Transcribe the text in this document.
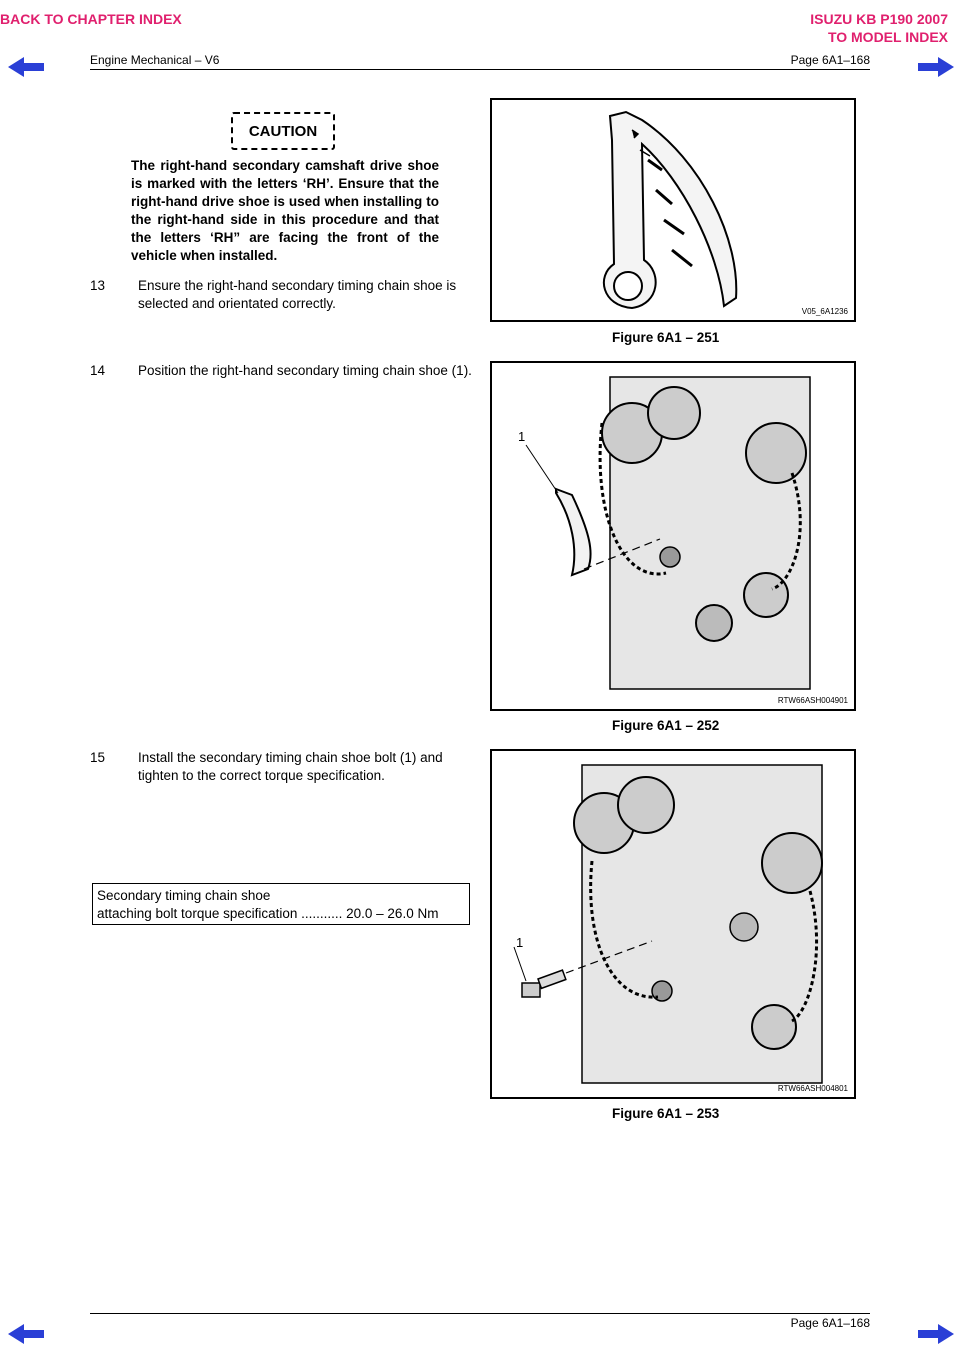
BACK TO CHAPTER INDEX	ISUZU KB P190 2007
TO MODEL INDEX
Engine Mechanical – V6	Page 6A1–168
CAUTION
The right-hand secondary camshaft drive shoe is marked with the letters ‘RH’. Ensure that the right-hand drive shoe is used when installing to the right-hand side in this procedure and that the letters ‘RH” are facing the front of the vehicle when installed.
13 Ensure the right-hand secondary timing chain shoe is selected and orientated correctly.
V05_6A1236
Figure 6A1 – 251
14 Position the right-hand secondary timing chain shoe (1).
1
RTW66ASH004901
Figure 6A1 – 252
15 Install the secondary timing chain shoe bolt (1) and tighten to the correct torque specification.
Secondary timing chain shoe
attaching bolt torque specification ........... 20.0 – 26.0 Nm
1
RTW66ASH004801
Figure 6A1 – 253
Page 6A1–168
